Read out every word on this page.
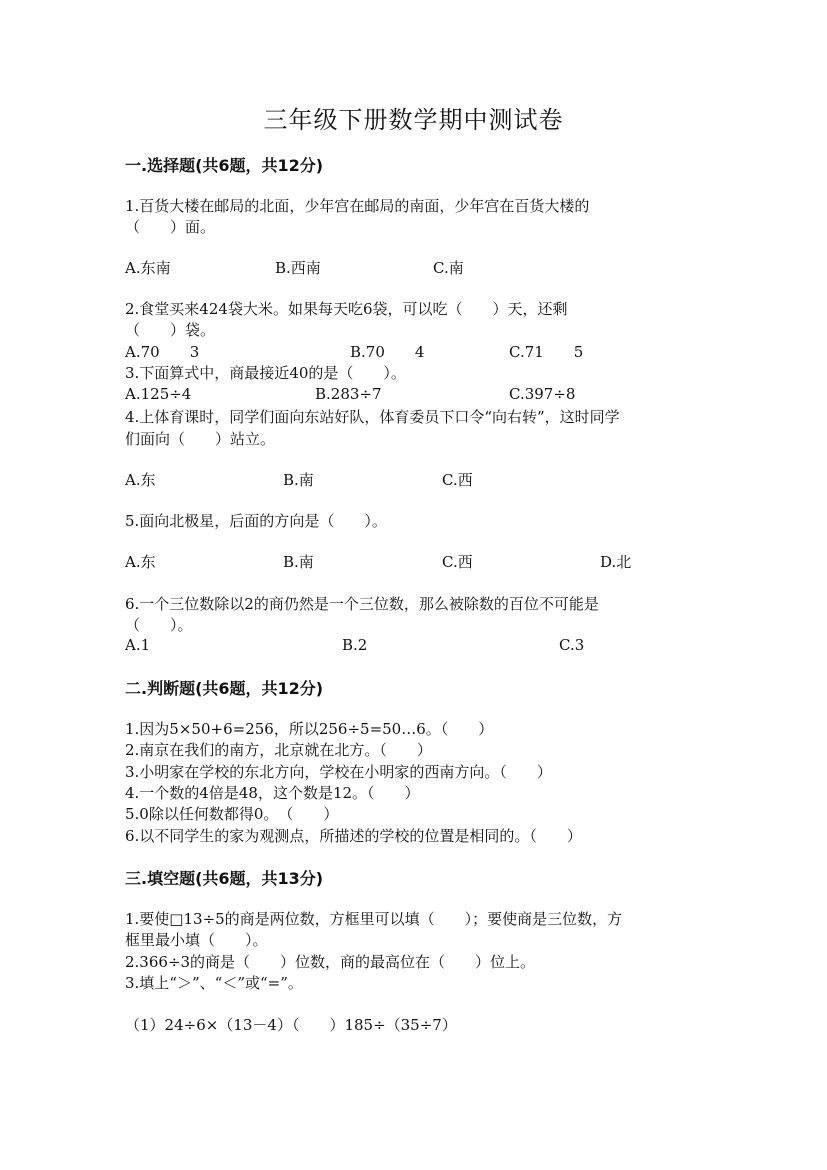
三年级下册数学期中测试卷
一.选择题(共6题，共12分)
1.百货大楼在邮局的北面，少年宫在邮局的南面，少年宫在百货大楼的
（　　）面。
A.东南	B.西南	C.南
2.食堂买来424袋大米。如果每天吃6袋，可以吃（　　）天，还剩
（　　）袋。
A.70　　3	B.70　　4	C.71　　5
3.下面算式中，商最接近40的是（　　）。
A.125÷4	B.283÷7	C.397÷8
4.上体育课时，同学们面向东站好队，体育委员下口令“向右转”，这时同学
们面向（　　）站立。
A.东	B.南	C.西
5.面向北极星，后面的方向是（　　）。
A.东	B.南	C.西	D.北
6.一个三位数除以2的商仍然是一个三位数，那么被除数的百位不可能是
（　　）。
A.1	B.2	C.3
二.判断题(共6题，共12分)
1.因为5×50+6=256，所以256÷5=50…6。（　　）
2.南京在我们的南方，北京就在北方。（　　）
3.小明家在学校的东北方向，学校在小明家的西南方向。（　　）
4.一个数的4倍是48，这个数是12。（　　）
5.0除以任何数都得0。　（　　）
6.以不同学生的家为观测点，所描述的学校的位置是相同的。（　　）
三.填空题(共6题，共13分)
1.要使□13÷5的商是两位数，方框里可以填（　　）；要使商是三位数，方
框里最小填（　　）。
2.366÷3的商是（　　）位数，商的最高位在（　　）位上。
3.填上“＞”、“＜”或“=”。
（1）24÷6×（13－4）（　　）185÷（35÷7）
